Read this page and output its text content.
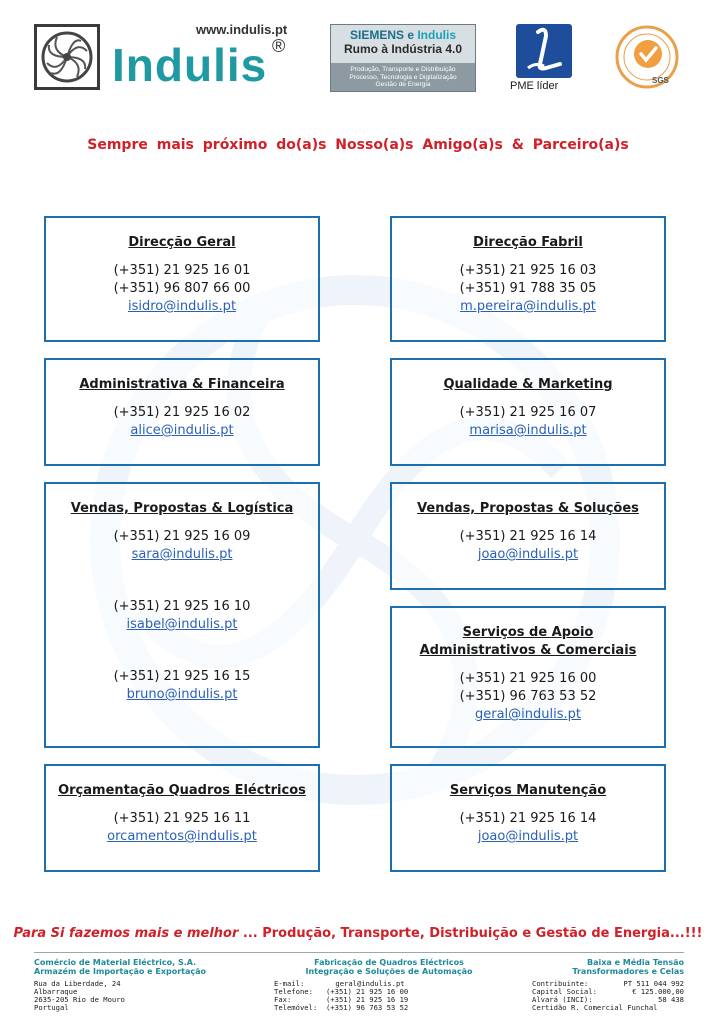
www.indulis.pt
Indulis ®
SIEMENS e Indulis
Rumo à Indústria 4.0
Produção, Transporte e Distribuição
Processo, Tecnologia e Digitalização
Gestão de Energia	PME líder	SGS
Sempre mais próximo do(a)s Nosso(a)s Amigo(a)s & Parceiro(a)s
Direcção Geral
(+351) 21 925 16 01
(+351) 96 807 66 00
isidro@indulis.pt
Direcção Fabril
(+351) 21 925 16 03
(+351) 91 788 35 05
m.pereira@indulis.pt
Administrativa & Financeira
(+351) 21 925 16 02
alice@indulis.pt
Qualidade & Marketing
(+351) 21 925 16 07
marisa@indulis.pt
Vendas, Propostas & Logística
(+351) 21 925 16 09
sara@indulis.pt
(+351) 21 925 16 10
isabel@indulis.pt
(+351) 21 925 16 15
bruno@indulis.pt
Vendas, Propostas & Soluções
(+351) 21 925 16 14
joao@indulis.pt
Serviços de Apoio
Administrativos & Comerciais
(+351) 21 925 16 00
(+351) 96 763 53 52
geral@indulis.pt
Orçamentação Quadros Eléctricos
(+351) 21 925 16 11
orcamentos@indulis.pt
Serviços Manutenção
(+351) 21 925 16 14
joao@indulis.pt
Para Si fazemos mais e melhor ... Produção, Transporte, Distribuição e Gestão de Energia...!!!
Comércio de Material Eléctrico, S.A.
Armazém de Importação e Exportação
Rua da Liberdade, 24
Albarraque
2635-205 Rio de Mouro
Portugal
Fabricação de Quadros Eléctricos
Integração e Soluções de Automação
E-mail:	geral@indulis.pt
Telefone: (+351) 21 925 16 00
Fax:	(+351) 21 925 16 19
Telemóvel: (+351) 96 763 53 52
Baixa e Média Tensão
Transformadores e Celas
Contribuinte:	PT 511 044 992
Capital Social:	€ 125.000,00
Alvará (INCI):	58 438
Certidão R. Comercial Funchal
